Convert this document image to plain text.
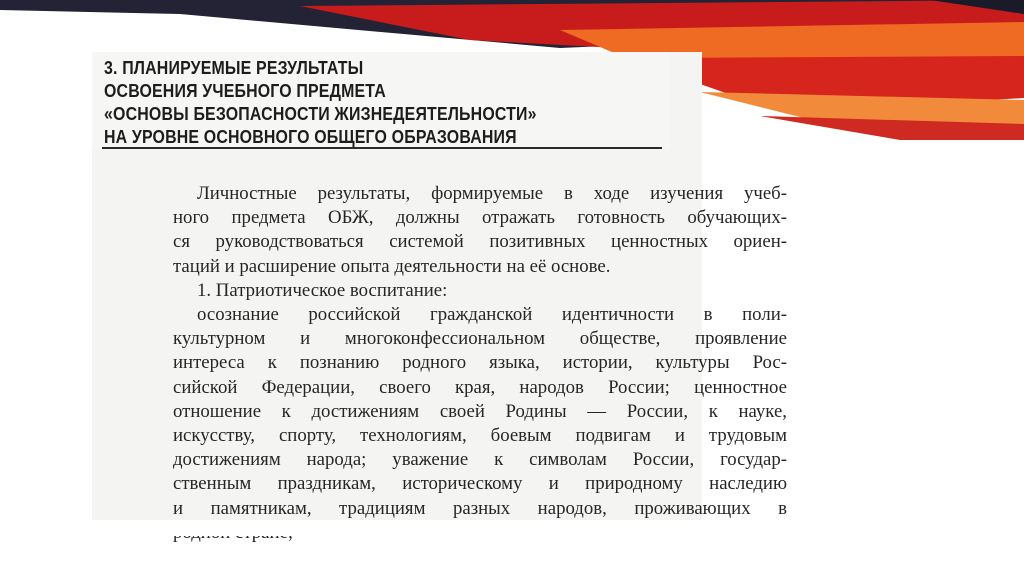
3. ПЛАНИРУЕМЫЕ РЕЗУЛЬТАТЫ
ОСВОЕНИЯ УЧЕБНОГО ПРЕДМЕТА
«ОСНОВЫ БЕЗОПАСНОСТИ ЖИЗНЕДЕЯТЕЛЬНОСТИ»
НА УРОВНЕ ОСНОВНОГО ОБЩЕГО ОБРАЗОВАНИЯ
Личностные результаты, формируемые в ходе изучения учеб-
ного предмета ОБЖ, должны отражать готовность обучающих-
ся руководствоваться системой позитивных ценностных ориен-
таций и расширение опыта деятельности на её основе.
1. Патриотическое воспитание:
осознание российской гражданской идентичности в поли-
культурном и многоконфессиональном обществе, проявление
интереса к познанию родного языка, истории, культуры Рос-
сийской Федерации, своего края, народов России; ценностное
отношение к достижениям своей Родины — России, к науке,
искусству, спорту, технологиям, боевым подвигам и трудовым
достижениям народа; уважение к символам России, государ-
ственным праздникам, историческому и природному наследию
и памятникам, традициям разных народов, проживающих в
